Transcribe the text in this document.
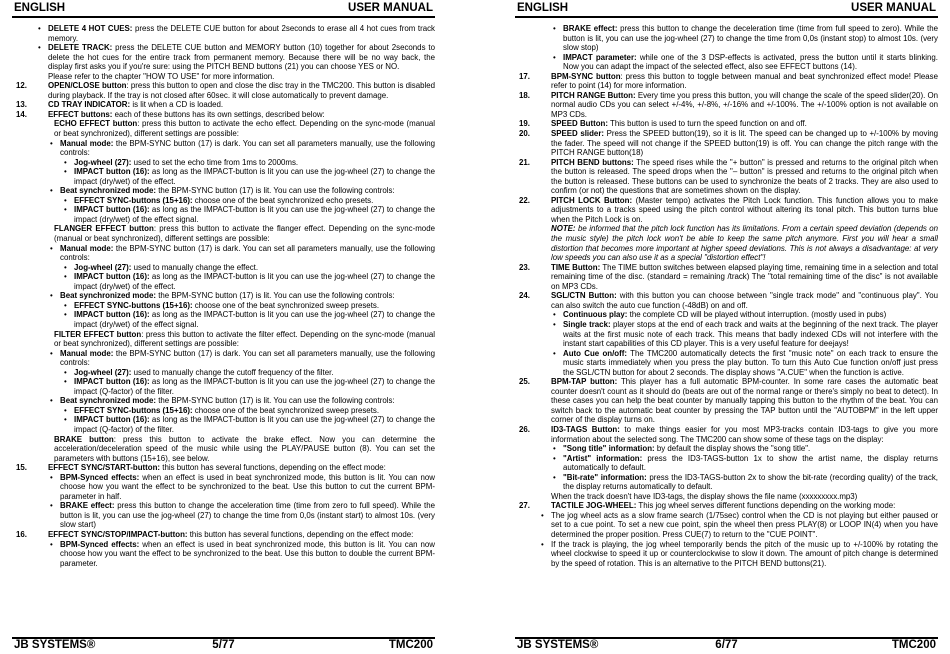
ENGLISH	USER MANUAL

• DELETE 4 HOT CUES: press the DELETE CUE button for about 2seconds to erase all 4 hot cues from track memory.

• DELETE TRACK: press the DELETE CUE button and MEMORY button (10) together for about 2seconds to delete the hot cues for the entire track from permanent memory. Because there will be no way back, the display first asks you if you're sure: using the PITCH BEND buttons (21) you can choose YES or NO.

Please refer to the chapter "HOW TO USE" for more information.

12.	OPEN/CLOSE button: press this button to open and close the disc tray in the TMC200. This button is disabled during playback. If the tray is not closed after 60sec. it will close automatically to prevent damage.

13.	CD TRAY INDICATOR: is lit when a CD is loaded.

14.	EFFECT buttons: each of these buttons has its own settings, described below:

ECHO EFFECT button: press this button to activate the echo effect. Depending on the sync-mode (manual or beat synchronized), different settings are possible:

• Manual mode: the BPM-SYNC button (17) is dark. You can set all parameters manually, use the following controls:

• Jog-wheel (27): used to set the echo time from 1ms to 2000ms.

• IMPACT button (16): as long as the IMPACT-button is lit you can use the jog-wheel (27) to change the impact (dry/wet) of the effect.

• Beat synchronized mode: the BPM-SYNC button (17) is lit. You can use the following controls:

• EFFECT SYNC-buttons (15+16): choose one of the beat synchronized echo presets.

• IMPACT button (16): as long as the IMPACT-button is lit you can use the jog-wheel (27) to change the impact (dry/wet) of the effect signal.

FLANGER EFFECT button: press this button to activate the flanger effect. Depending on the sync-mode (manual or beat synchronized), different settings are possible:

• Manual mode: the BPM-SYNC button (17) is dark. You can set all parameters manually, use the following controls:

• Jog-wheel (27): used to manually change the effect.

• IMPACT button (16): as long as the IMPACT-button is lit you can use the jog-wheel (27) to change the impact (dry/wet) of the effect.

• Beat synchronized mode: the BPM-SYNC button (17) is lit. You can use the following controls:

• EFFECT SYNC-buttons (15+16): choose one of the beat synchronized sweep presets.

• IMPACT button (16): as long as the IMPACT-button is lit you can use the jog-wheel (27) to change the impact (dry/wet) of the effect signal.

FILTER EFFECT button: press this button to activate the filter effect. Depending on the sync-mode (manual or beat synchronized), different settings are possible:

• Manual mode: the BPM-SYNC button (17) is dark. You can set all parameters manually, use the following controls:

• Jog-wheel (27): used to manually change the cutoff frequency of the filter.

• IMPACT button (16): as long as the IMPACT-button is lit you can use the jog-wheel (27) to change the impact (Q-factor) of the filter.

• Beat synchronized mode: the BPM-SYNC button (17) is lit. You can use the following controls:

• EFFECT SYNC-buttons (15+16): choose one of the beat synchronized sweep presets.

• IMPACT button (16): as long as the IMPACT-button is lit you can use the jog-wheel (27) to change the impact (Q-factor) of the filter.

BRAKE button: press this button to activate the brake effect. Now you can determine the acceleration/deceleration speed of the music while using the PLAY/PAUSE button (8). You can set the parameters with buttons (15+16), see below.

15.	EFFECT SYNC/START-button: this button has several functions, depending on the effect mode:

• BPM-Synced effects: when an effect is used in beat synchronized mode, this button is lit. You can now choose how you want the effect to be synchronized to the beat. Use this button to cut the current BPM-parameter in half.

• BRAKE effect: press this button to change the acceleration time (time from zero to full speed). While the button is lit, you can use the jog-wheel (27) to change the time from 0,0s (instant start) to almost 10s. (very slow start)

16.	EFFECT SYNC/STOP/IMPACT-button: this button has several functions, depending on the effect mode:

• BPM-Synced effects: when an effect is used in beat synchronized mode, this button is lit. You can now choose how you want the effect to be synchronized to the beat. Use this button to double the current BPM-parameter.

JB SYSTEMS®	5/77	TMC200
ENGLISH	USER MANUAL

• BRAKE effect: press this button to change the deceleration time (time from full speed to zero). While the button is lit, you can use the jog-wheel (27) to change the time from 0,0s (instant stop) to almost 10s. (very slow stop)

• IMPACT parameter: while one of the 3 DSP-effects is activated, press the button until it starts blinking. Now you can adapt the impact of the selected effect, also see EFFECT buttons (14).

17.	BPM-SYNC button: press this button to toggle between manual and beat synchronized effect mode! Please refer to point (14) for more information.

18.	PITCH RANGE Button: Every time you press this button, you will change the scale of the speed slider(20). On normal audio CDs you can select +/-4%, +/-8%, +/-16% and +/-100%. The +/-100% option is not available on MP3 CDs.

19.	SPEED Button: This button is used to turn the speed function on and off.

20.	SPEED slider: Press the SPEED button(19), so it is lit. The speed can be changed up to +/-100% by moving the fader. The speed will not change if the SPEED button(19) is off. You can change the pitch range with the PITCH RANGE button(18)

21.	PITCH BEND buttons: The speed rises while the "+ button" is pressed and returns to the original pitch when the button is released. The speed drops when the "– button" is pressed and returns to the original pitch when the button is released. These buttons can be used to synchronize the beats of 2 tracks. They are also used to confirm (or not) the questions that are sometimes shown on the display.

22.	PITCH LOCK Button: (Master tempo) activates the Pitch Lock function. This function allows you to make adjustments to a tracks speed using the pitch control without altering its tonal pitch. This button turns blue when the Pitch Lock is on.

NOTE: be informed that the pitch lock function has its limitations. From a certain speed deviation (depends on the music style) the pitch lock won't be able to keep the same pitch anymore. First you will hear a small distortion that becomes more important at higher speed deviations. This is not always a disadvantage: at very low speeds you can also use it as a special "distortion effect"!

23.	TIME Button: The TIME button switches between elapsed playing time, remaining time in a selection and total remaining time of the disc. (standard = remaining /track) The "total remaining time of the disc" is not available on MP3 CDs.

24.	SGL/CTN Button: with this button you can choose between "single track mode" and "continuous play". You can also switch the auto cue function (-48dB) on and off.

• Continuous play: the complete CD will be played without interruption. (mostly used in pubs)

• Single track: player stops at the end of each track and waits at the beginning of the next track. The player waits at the first music note of each track. This means that badly indexed CDs will not interfere with the instant start capabilities of this CD player. This is a very useful feature for deejays!

• Auto Cue on/off: The TMC200 automatically detects the first "music note" on each track to ensure the music starts immediately when you press the play button. To turn this Auto Cue function on/off just press the SGL/CTN button for about 2 seconds. The display shows "A.CUE" when the function is active.

25.	BPM-TAP button: This player has a full automatic BPM-counter. In some rare cases the automatic beat counter doesn't count as it should do (beats are out of the normal range or there's simply no beat to detect). In these cases you can help the beat counter by manually tapping this button to the rhythm of the beat. You can switch back to the automatic beat counter by pressing the TAP button until the "AUTOBPM" in the left upper corner of the display turns on.

26.	ID3-TAGS Button: to make things easier for you most MP3-tracks contain ID3-tags to give you more information about the selected song. The TMC200 can show some of these tags on the display:

• "Song title" information: by default the display shows the "song title".

• "Artist" information: press the ID3-TAGS-button 1x to show the artist name, the display returns automatically to default.

• "Bit-rate" information: press the ID3-TAGS-button 2x to show the bit-rate (recording quality) of the track, the display returns automatically to default.

When the track doesn't have ID3-tags, the display shows the file name (xxxxxxxxx.mp3)

27.	TACTILE JOG-WHEEL: This jog wheel serves different functions depending on the working mode:

• The jog wheel acts as a slow frame search (1/75sec) control when the CD is not playing but either paused or set to a cue point. To set a new cue point, spin the wheel then press PLAY(8) or LOOP IN(4) when you have determined the proper position. Press CUE(7) to return to the "CUE POINT".

• If the track is playing, the jog wheel temporarily bends the pitch of the music up to +/-100% by rotating the wheel clockwise to speed it up or counterclockwise to slow it down. The amount of pitch change is determined by the speed of rotation. This is an alternative to the PITCH BEND buttons(21).

JB SYSTEMS®	6/77	TMC200
